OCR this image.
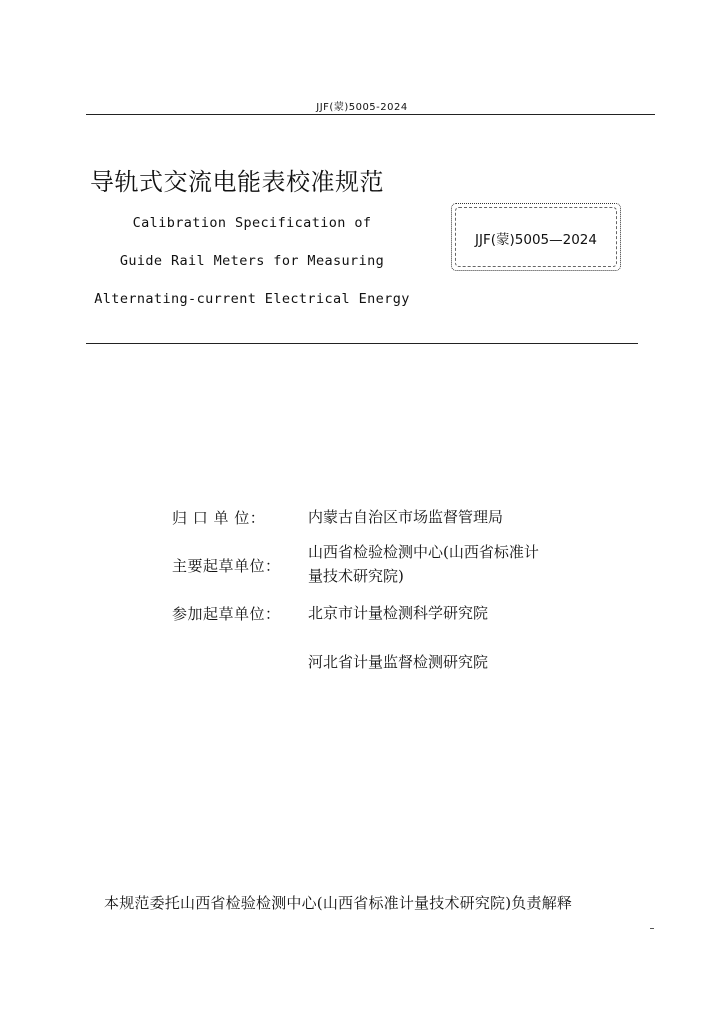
JJF(蒙)5005-2024
导轨式交流电能表校准规范
Calibration Specification of
Guide Rail Meters for Measuring
Alternating-current Electrical Energy
JJF(蒙)5005—2024
归 口 单 位：	内蒙古自治区市场监督管理局
主要起草单位：
山西省检验检测中心(山西省标准计
量技术研究院)
参加起草单位： 北京市计量检测科学研究院
河北省计量监督检测研究院
本规范委托山西省检验检测中心(山西省标准计量技术研究院)负责解释
